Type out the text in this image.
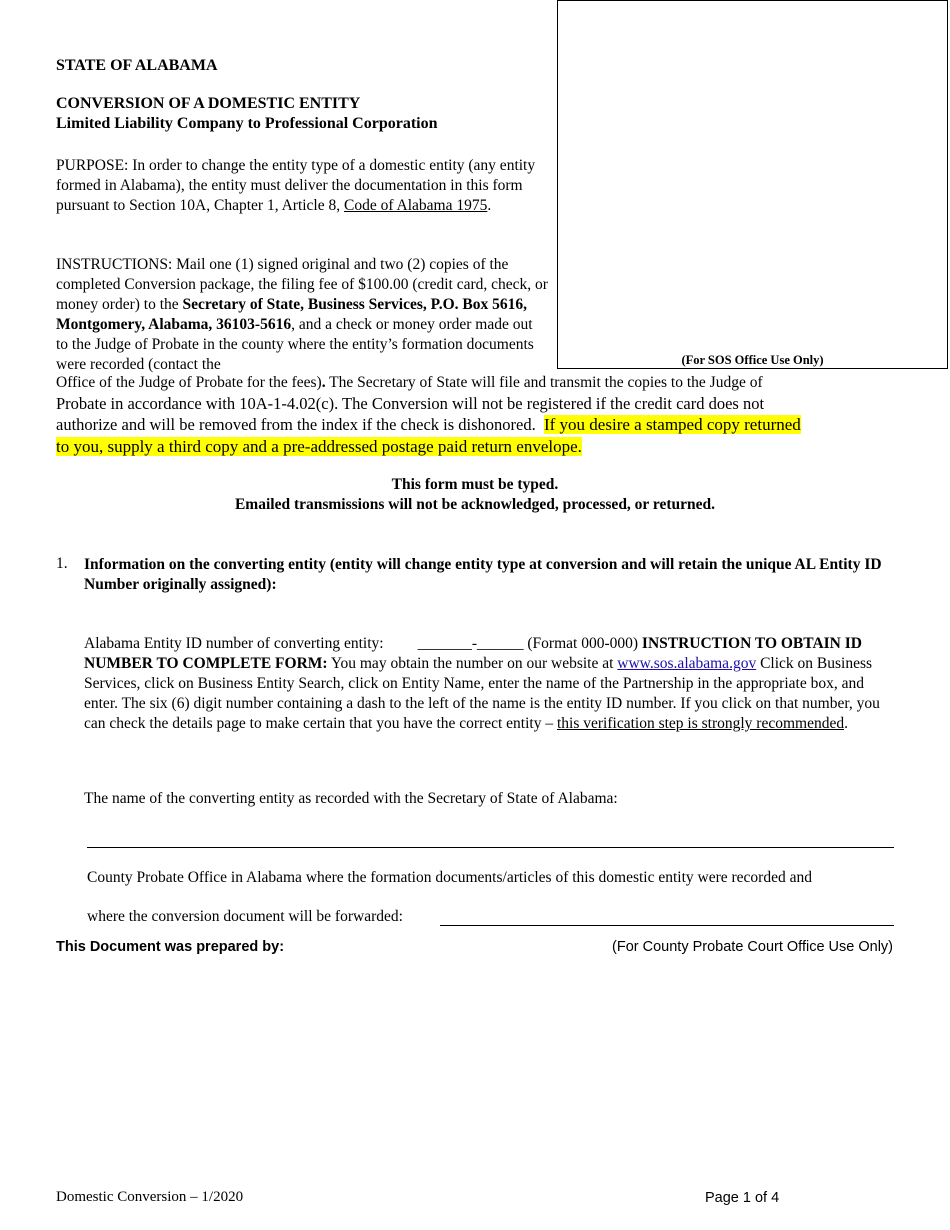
(For SOS Office Use Only)
STATE OF ALABAMA
CONVERSION OF A DOMESTIC ENTITY
Limited Liability Company to Professional Corporation
PURPOSE: In order to change the entity type of a domestic entity (any entity formed in Alabama), the entity must deliver the documentation in this form pursuant to Section 10A, Chapter 1, Article 8, Code of Alabama 1975.
INSTRUCTIONS: Mail one (1) signed original and two (2) copies of the completed Conversion package, the filing fee of $100.00 (credit card, check, or money order) to the Secretary of State, Business Services, P.O. Box 5616, Montgomery, Alabama, 36103-5616, and a check or money order made out to the Judge of Probate in the county where the entity’s formation documents were recorded (contact the
Office of the Judge of Probate for the fees). The Secretary of State will file and transmit the copies to the Judge of
Probate in accordance with 10A-1-4.02(c). The Conversion will not be registered if the credit card does not
authorize and will be removed from the index if the check is dishonored. If you desire a stamped copy returned
to you, supply a third copy and a pre-addressed postage paid return envelope.
This form must be typed.
Emailed transmissions will not be acknowledged, processed, or returned.
1. Information on the converting entity (entity will change entity type at conversion and will retain the unique AL Entity ID Number originally assigned):
Alabama Entity ID number of converting entity: _______-______ (Format 000-000) INSTRUCTION TO OBTAIN ID NUMBER TO COMPLETE FORM: You may obtain the number on our website at www.sos.alabama.gov Click on Business Services, click on Business Entity Search, click on Entity Name, enter the name of the Partnership in the appropriate box, and enter. The six (6) digit number containing a dash to the left of the name is the entity ID number. If you click on that number, you can check the details page to make certain that you have the correct entity – this verification step is strongly recommended.
The name of the converting entity as recorded with the Secretary of State of Alabama:
County Probate Office in Alabama where the formation documents/articles of this domestic entity were recorded and
where the conversion document will be forwarded:
This Document was prepared by:	(For County Probate Court Office Use Only)
Domestic Conversion – 1/2020	Page 1 of 4
